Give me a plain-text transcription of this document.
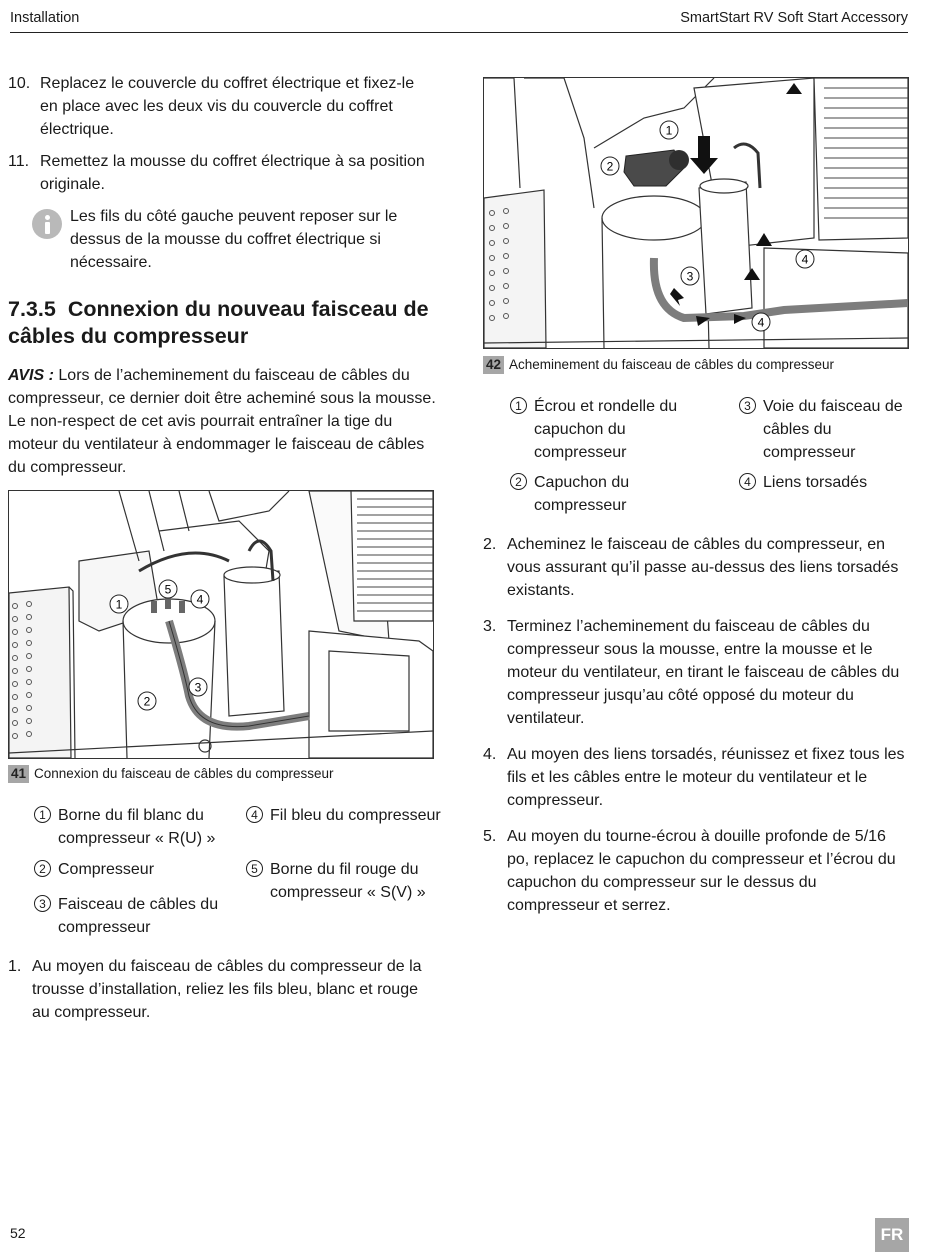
Installation	SmartStart RV Soft Start Accessory
10. Replacez le couvercle du coffret électrique et fixez-le en place avec les deux vis du couvercle du coffret électrique.
11. Remettez la mousse du coffret électrique à sa position originale.
Les fils du côté gauche peuvent reposer sur le dessus de la mousse du coffret électrique si nécessaire.
7.3.5 Connexion du nouveau faisceau de câbles du compresseur
AVIS : Lors de l’acheminement du faisceau de câbles du compresseur, ce dernier doit être acheminé sous la mousse. Le non-respect de cet avis pourrait entraîner la tige du moteur du ventilateur à endommager le faisceau de câbles du compresseur.
1
2
3
4
5
41 Connexion du faisceau de câbles du compresseur
1 Borne du fil blanc du compresseur « R(U) »
2 Compresseur
3 Faisceau de câbles du compresseur
4 Fil bleu du compresseur
5 Borne du fil rouge du compresseur « S(V) »
1. Au moyen du faisceau de câbles du compresseur de la trousse d’installation, reliez les fils bleu, blanc et rouge au compresseur.
1
2
3
4
4
42 Acheminement du faisceau de câbles du compresseur
1 Écrou et rondelle du capuchon du compresseur
2 Capuchon du compresseur
3 Voie du faisceau de câbles du compresseur
4 Liens torsadés
2. Acheminez le faisceau de câbles du compresseur, en vous assurant qu’il passe au-dessus des liens torsadés existants.
3. Terminez l’acheminement du faisceau de câbles du compresseur sous la mousse, entre la mousse et le moteur du ventilateur, en tirant le faisceau de câbles du compresseur jusqu’au côté opposé du moteur du ventilateur.
4. Au moyen des liens torsadés, réunissez et fixez tous les fils et les câbles entre le moteur du ventilateur et le compresseur.
5. Au moyen du tourne-écrou à douille profonde de 5/16 po, replacez le capuchon du compresseur et l’écrou du capuchon du compresseur sur le dessus du compresseur et serrez.
52	FR
